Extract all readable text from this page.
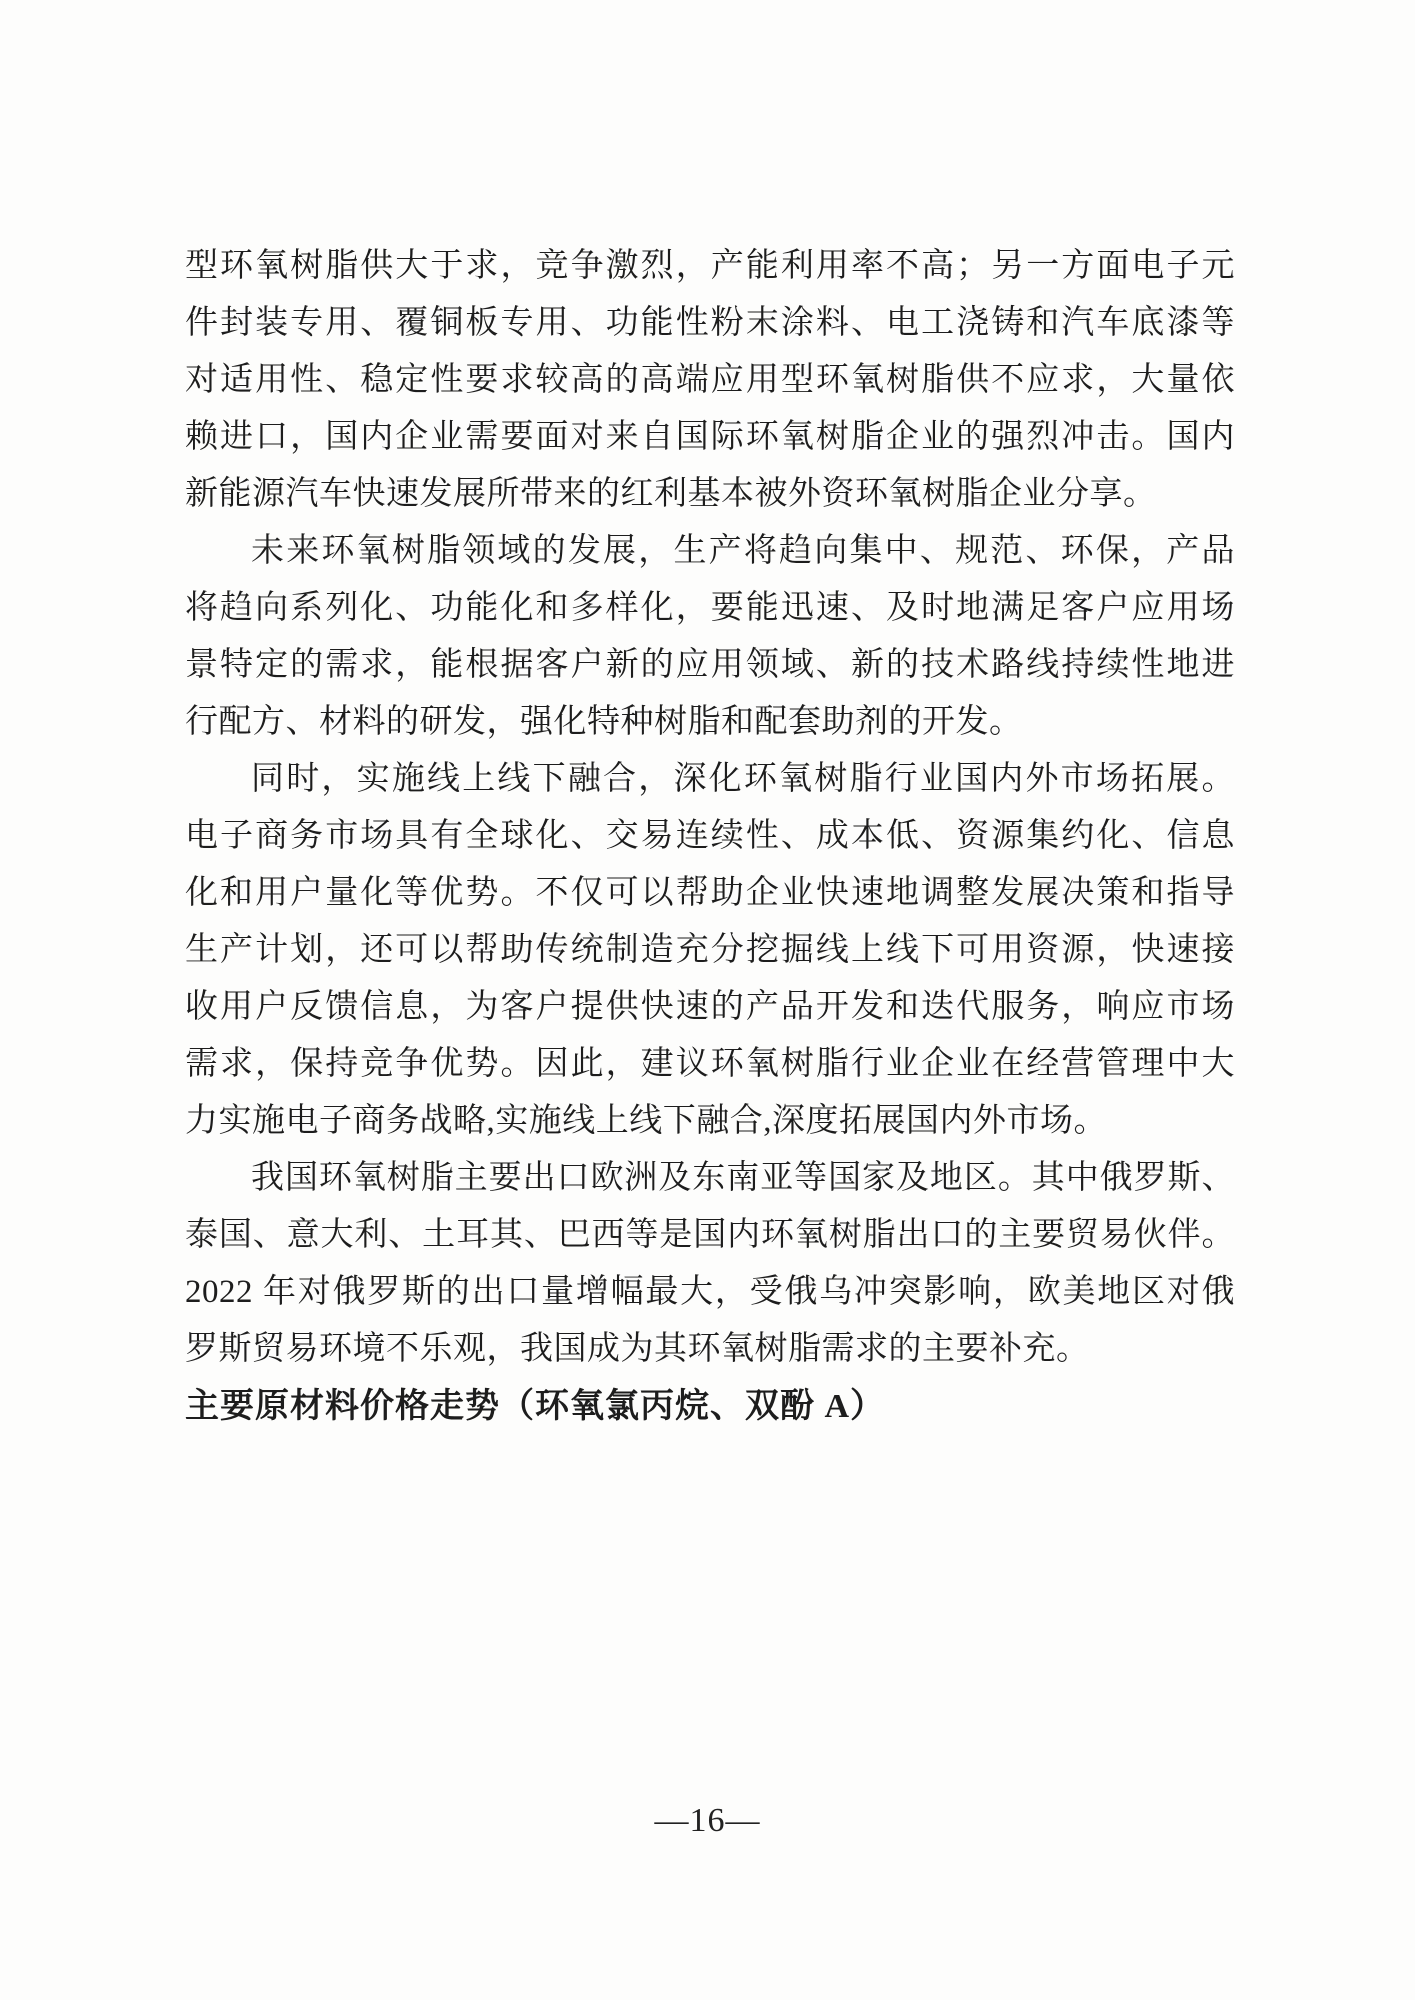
型环氧树脂供大于求，竞争激烈，产能利用率不高；另一方面电子元
件封装专用、覆铜板专用、功能性粉末涂料、电工浇铸和汽车底漆等
对适用性、稳定性要求较高的高端应用型环氧树脂供不应求，大量依
赖进口，国内企业需要面对来自国际环氧树脂企业的强烈冲击。国内
新能源汽车快速发展所带来的红利基本被外资环氧树脂企业分享。
未来环氧树脂领域的发展，生产将趋向集中、规范、环保，产品
将趋向系列化、功能化和多样化，要能迅速、及时地满足客户应用场
景特定的需求，能根据客户新的应用领域、新的技术路线持续性地进
行配方、材料的研发，强化特种树脂和配套助剂的开发。
同时，实施线上线下融合，深化环氧树脂行业国内外市场拓展。
电子商务市场具有全球化、交易连续性、成本低、资源集约化、信息
化和用户量化等优势。不仅可以帮助企业快速地调整发展决策和指导
生产计划，还可以帮助传统制造充分挖掘线上线下可用资源，快速接
收用户反馈信息，为客户提供快速的产品开发和迭代服务，响应市场
需求，保持竞争优势。因此，建议环氧树脂行业企业在经营管理中大
力实施电子商务战略,实施线上线下融合,深度拓展国内外市场。
我国环氧树脂主要出口欧洲及东南亚等国家及地区。其中俄罗斯、
泰国、意大利、土耳其、巴西等是国内环氧树脂出口的主要贸易伙伴。
2022 年对俄罗斯的出口量增幅最大，受俄乌冲突影响，欧美地区对俄
罗斯贸易环境不乐观，我国成为其环氧树脂需求的主要补充。
主要原材料价格走势（环氧氯丙烷、双酚 A）
—16—
